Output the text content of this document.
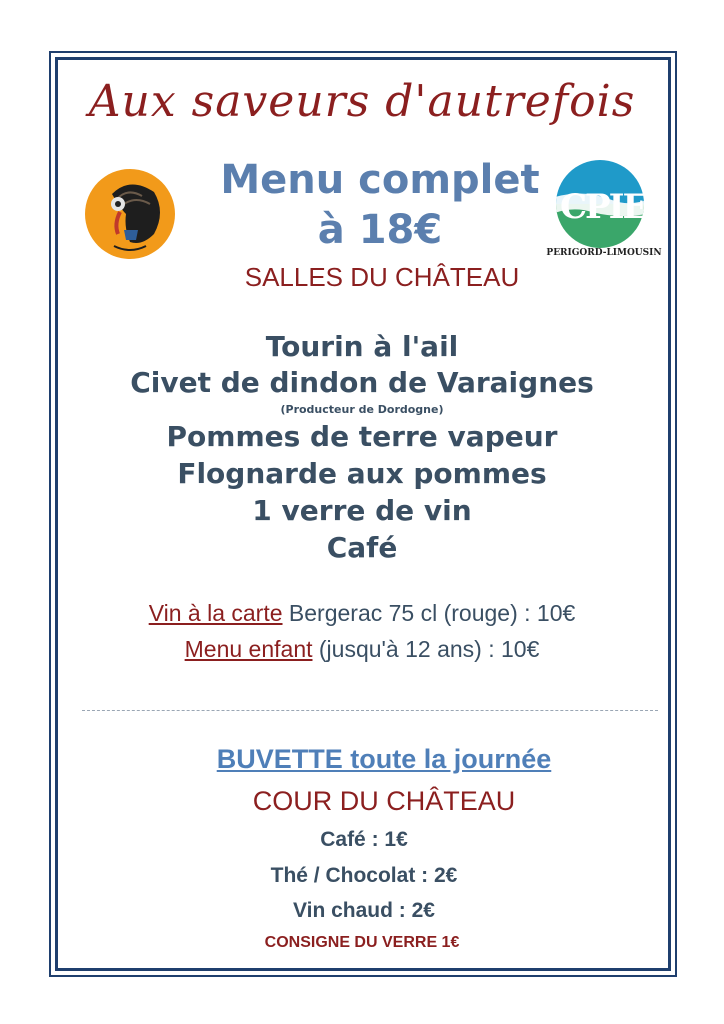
Aux saveurs d'autrefois
CPIE
PERIGORD-LIMOUSIN
Menu complet
à 18€
SALLES DU CHÂTEAU
Tourin à l'ail
Civet de dindon de Varaignes
(Producteur de Dordogne)
Pommes de terre vapeur
Flognarde aux pommes
1 verre de vin
Café
Vin à la carte Bergerac 75 cl (rouge) : 10€
Menu enfant (jusqu'à 12 ans) : 10€
BUVETTE toute la journée
COUR DU CHÂTEAU
Café : 1€
Thé / Chocolat : 2€
Vin chaud : 2€
CONSIGNE DU VERRE 1€
